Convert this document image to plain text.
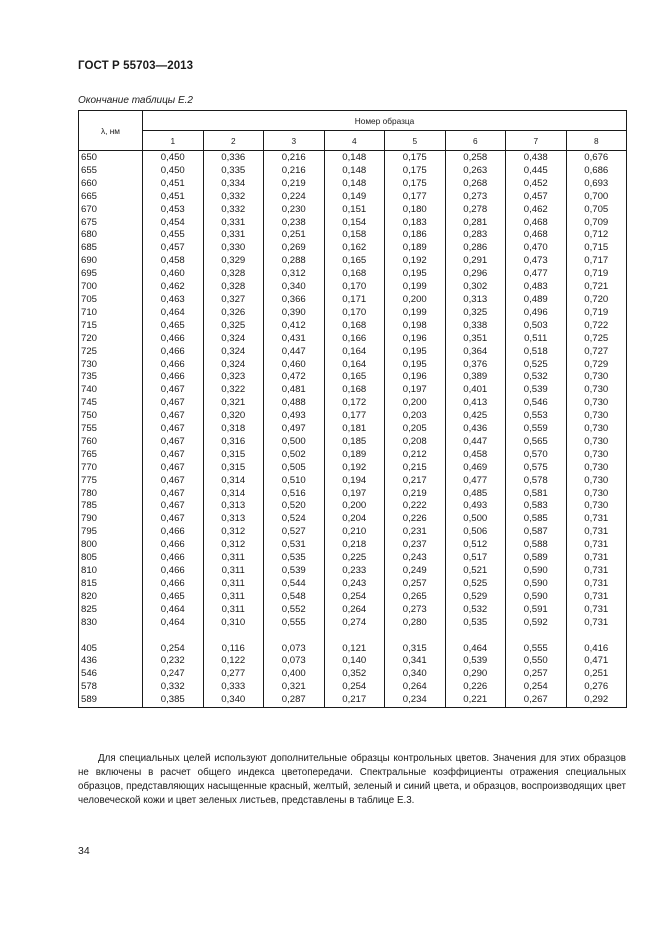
ГОСТ Р 55703—2013
Окончание таблицы Е.2
λ, нм	Номер образца							
	1	2	3	4	5	6	7	8
650	0,450	0,336	0,216	0,148	0,175	0,258	0,438	0,676
655	0,450	0,335	0,216	0,148	0,175	0,263	0,445	0,686
660	0,451	0,334	0,219	0,148	0,175	0,268	0,452	0,693
665	0,451	0,332	0,224	0,149	0,177	0,273	0,457	0,700
670	0,453	0,332	0,230	0,151	0,180	0,278	0,462	0,705
675	0,454	0,331	0,238	0,154	0,183	0,281	0,468	0,709
680	0,455	0,331	0,251	0,158	0,186	0,283	0,468	0,712
685	0,457	0,330	0,269	0,162	0,189	0,286	0,470	0,715
690	0,458	0,329	0,288	0,165	0,192	0,291	0,473	0,717
695	0,460	0,328	0,312	0,168	0,195	0,296	0,477	0,719
700	0,462	0,328	0,340	0,170	0,199	0,302	0,483	0,721
705	0,463	0,327	0,366	0,171	0,200	0,313	0,489	0,720
710	0,464	0,326	0,390	0,170	0,199	0,325	0,496	0,719
715	0,465	0,325	0,412	0,168	0,198	0,338	0,503	0,722
720	0,466	0,324	0,431	0,166	0,196	0,351	0,511	0,725
725	0,466	0,324	0,447	0,164	0,195	0,364	0,518	0,727
730	0,466	0,324	0,460	0,164	0,195	0,376	0,525	0,729
735	0,466	0,323	0,472	0,165	0,196	0,389	0,532	0,730
740	0,467	0,322	0,481	0,168	0,197	0,401	0,539	0,730
745	0,467	0,321	0,488	0,172	0,200	0,413	0,546	0,730
750	0,467	0,320	0,493	0,177	0,203	0,425	0,553	0,730
755	0,467	0,318	0,497	0,181	0,205	0,436	0,559	0,730
760	0,467	0,316	0,500	0,185	0,208	0,447	0,565	0,730
765	0,467	0,315	0,502	0,189	0,212	0,458	0,570	0,730
770	0,467	0,315	0,505	0,192	0,215	0,469	0,575	0,730
775	0,467	0,314	0,510	0,194	0,217	0,477	0,578	0,730
780	0,467	0,314	0,516	0,197	0,219	0,485	0,581	0,730
785	0,467	0,313	0,520	0,200	0,222	0,493	0,583	0,730
790	0,467	0,313	0,524	0,204	0,226	0,500	0,585	0,731
795	0,466	0,312	0,527	0,210	0,231	0,506	0,587	0,731
800	0,466	0,312	0,531	0,218	0,237	0,512	0,588	0,731
805	0,466	0,311	0,535	0,225	0,243	0,517	0,589	0,731
810	0,466	0,311	0,539	0,233	0,249	0,521	0,590	0,731
815	0,466	0,311	0,544	0,243	0,257	0,525	0,590	0,731
820	0,465	0,311	0,548	0,254	0,265	0,529	0,590	0,731
825	0,464	0,311	0,552	0,264	0,273	0,532	0,591	0,731
830	0,464	0,310	0,555	0,274	0,280	0,535	0,592	0,731

405	0,254	0,116	0,073	0,121	0,315	0,464	0,555	0,416
436	0,232	0,122	0,073	0,140	0,341	0,539	0,550	0,471
546	0,247	0,277	0,400	0,352	0,340	0,290	0,257	0,251
578	0,332	0,333	0,321	0,254	0,264	0,226	0,254	0,276
589	0,385	0,340	0,287	0,217	0,234	0,221	0,267	0,292
Для специальных целей используют дополнительные образцы контрольных цветов. Значения для этих образцов не включены в расчет общего индекса цветопередачи. Спектральные коэффициенты отражения специальных образцов, представляющих насыщенные красный, желтый, зеленый и синий цвета, и образцов, воспроизводящих цвет человеческой кожи и цвет зеленых листьев, представлены в таблице Е.3.
34
